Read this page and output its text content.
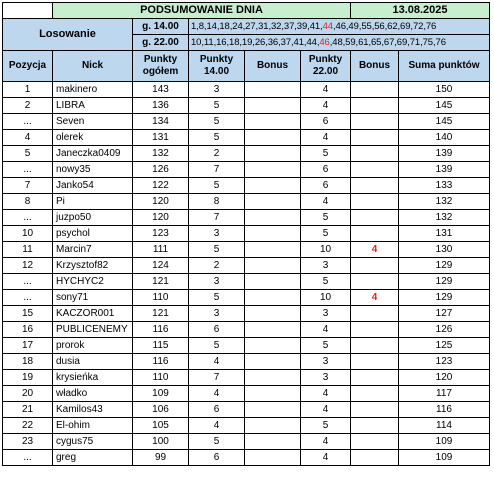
	PODSUMOWANIE DNIA					13.08.2025	
Losowanie		g. 14.00	1,8,14,18,24,27,31,32,37,39,41,44,46,49,55,56,62,69,72,76				
		g. 22.00	10,11,16,18,19,26,36,37,41,44,46,48,59,61,65,67,69,71,75,76				
Pozycja	Nick	Punkty ogółem	Punkty 14.00	Bonus	Punkty 22.00	Bonus	Suma punktów
1	makinero	143	3		4		150
2	LIBRA	136	5		4		145
...	Seven	134	5		6		145
4	olerek	131	5		4		140
5	Janeczka0409	132	2		5		139
...	nowy35	126	7		6		139
7	Janko54	122	5		6		133
8	Pi	120	8		4		132
...	juzpo50	120	7		5		132
10	psychol	123	3		5		131
11	Marcin7	111	5		10	4	130
12	Krzysztof82	124	2		3		129
...	HYCHYC2	121	3		5		129
...	sony71	110	5		10	4	129
15	KACZOR001	121	3		3		127
16	PUBLICENEMY	116	6		4		126
17	prorok	115	5		5		125
18	dusia	116	4		3		123
19	krysieńka	110	7		3		120
20	władko	109	4		4		117
21	Kamilos43	106	6		4		116
22	El-ohim	105	4		5		114
23	cygus75	100	5		4		109
...	greg	99	6		4		109
